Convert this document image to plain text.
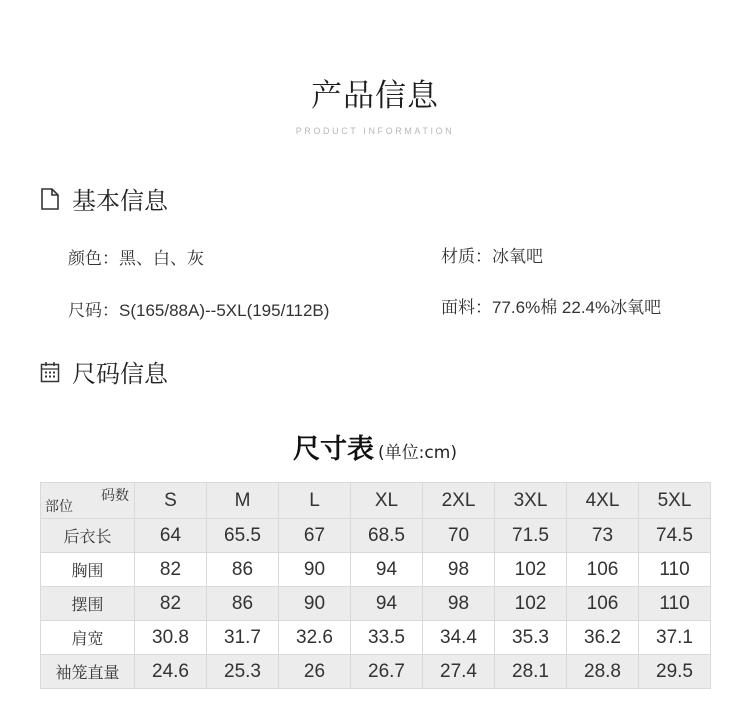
产品信息
PRODUCT INFORMATION
基本信息
颜色：黑、白、灰	材质：冰氧吧
尺码：S(165/88A)--5XL(195/112B)	面料：77.6%棉 22.4%冰氧吧
尺码信息
尺寸表 (单位:cm)
码数
部位	S	M	L	XL	2XL	3XL	4XL	5XL
后衣长	64	65.5	67	68.5	70	71.5	73	74.5
胸围	82	86	90	94	98	102	106	110
摆围	82	86	90	94	98	102	106	110
肩宽	30.8	31.7	32.6	33.5	34.4	35.3	36.2	37.1
袖笼直量	24.6	25.3	26	26.7	27.4	28.1	28.8	29.5
